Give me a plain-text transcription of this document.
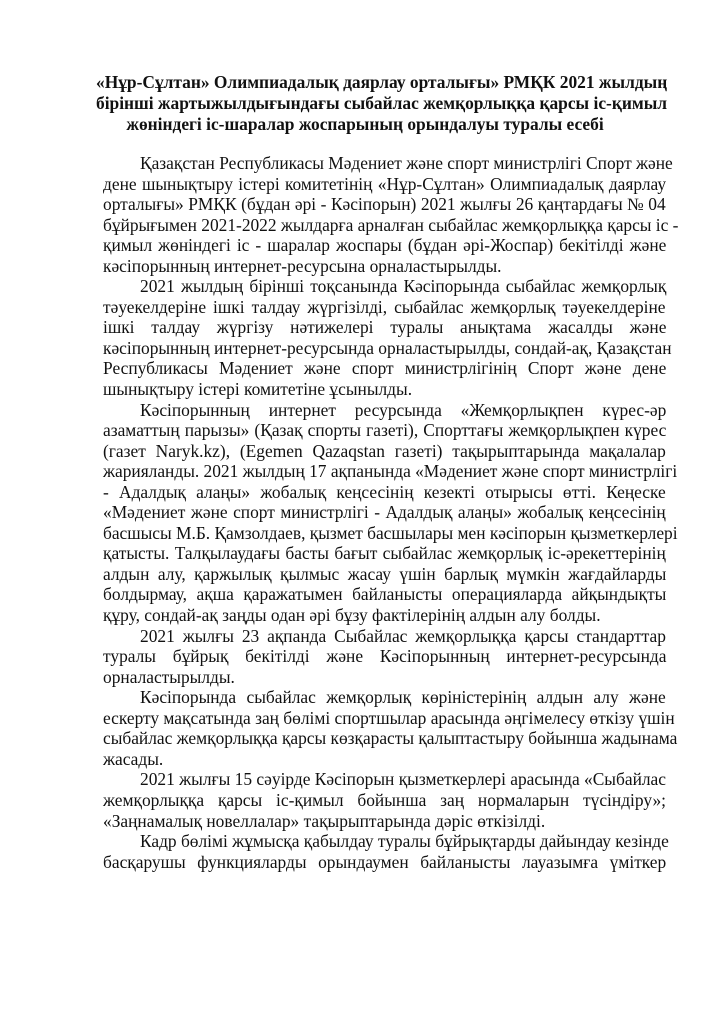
«Нұр-Сұлтан» Олимпиадалық даярлау орталығы» РМҚК 2021 жылдың
бірінші жартыжылдығындағы сыбайлас жемқорлыққа қарсы іс-қимыл
жөніндегі іс-шаралар жоспарының орындалуы туралы есебі
Қазақстан Республикасы Мәдениет және спорт министрлігі Спорт және
дене шынықтыру істері комитетінің «Нұр-Сұлтан» Олимпиадалық даярлау
орталығы» РМҚК (бұдан әрі - Кәсіпорын) 2021 жылғы 26 қаңтардағы № 04
бұйрығымен 2021-2022 жылдарға арналған сыбайлас жемқорлыққа қарсы іс -
қимыл жөніндегі іс - шаралар жоспары (бұдан әрі-Жоспар) бекітілді және
кәсіпорынның интернет-ресурсына орналастырылды.
2021 жылдың бірінші тоқсанында Кәсіпорында сыбайлас жемқорлық
тәуекелдеріне ішкі талдау жүргізілді, сыбайлас жемқорлық тәуекелдеріне
ішкі талдау жүргізу нәтижелері туралы анықтама жасалды және
кәсіпорынның интернет-ресурсында орналастырылды, сондай-ақ, Қазақстан
Республикасы Мәдениет және спорт министрлігінің Спорт және дене
шынықтыру істері комитетіне ұсынылды.
Кәсіпорынның интернет ресурсында «Жемқорлықпен күрес-әр
азаматтың парызы» (Қазақ спорты газеті), Спорттағы жемқорлықпен күрес
(газет Naryk.kz), (Egemen Qazaqstan газеті) тақырыптарында мақалалар
жарияланды. 2021 жылдың 17 ақпанында «Мәдениет және спорт министрлігі
- Адалдық алаңы» жобалық кеңсесінің кезекті отырысы өтті. Кеңеске
«Мәдениет және спорт министрлігі - Адалдық алаңы» жобалық кеңсесінің
басшысы М.Б. Қамзолдаев, қызмет басшылары мен кәсіпорын қызметкерлері
қатысты. Талқылаудағы басты бағыт сыбайлас жемқорлық іс-әрекеттерінің
алдын алу, қаржылық қылмыс жасау үшін барлық мүмкін жағдайларды
болдырмау, ақша қаражатымен байланысты операцияларда айқындықты
құру, сондай-ақ заңды одан әрі бұзу фактілерінің алдын алу болды.
2021 жылғы 23 ақпанда Сыбайлас жемқорлыққа қарсы стандарттар
туралы бұйрық бекітілді және Кәсіпорынның интернет-ресурсында
орналастырылды.
Кәсіпорында сыбайлас жемқорлық көріністерінің алдын алу және
ескерту мақсатында заң бөлімі спортшылар арасында әңгімелесу өткізу үшін
сыбайлас жемқорлыққа қарсы көзқарасты қалыптастыру бойынша жадынама
жасады.
2021 жылғы 15 сәуірде Кәсіпорын қызметкерлері арасында «Сыбайлас
жемқорлыққа қарсы іс-қимыл бойынша заң нормаларын түсіндіру»;
«Заңнамалық новеллалар» тақырыптарында дәріс өткізілді.
Кадр бөлімі жұмысқа қабылдау туралы бұйрықтарды дайындау кезінде
басқарушы функцияларды орындаумен байланысты лауазымға үміткер
